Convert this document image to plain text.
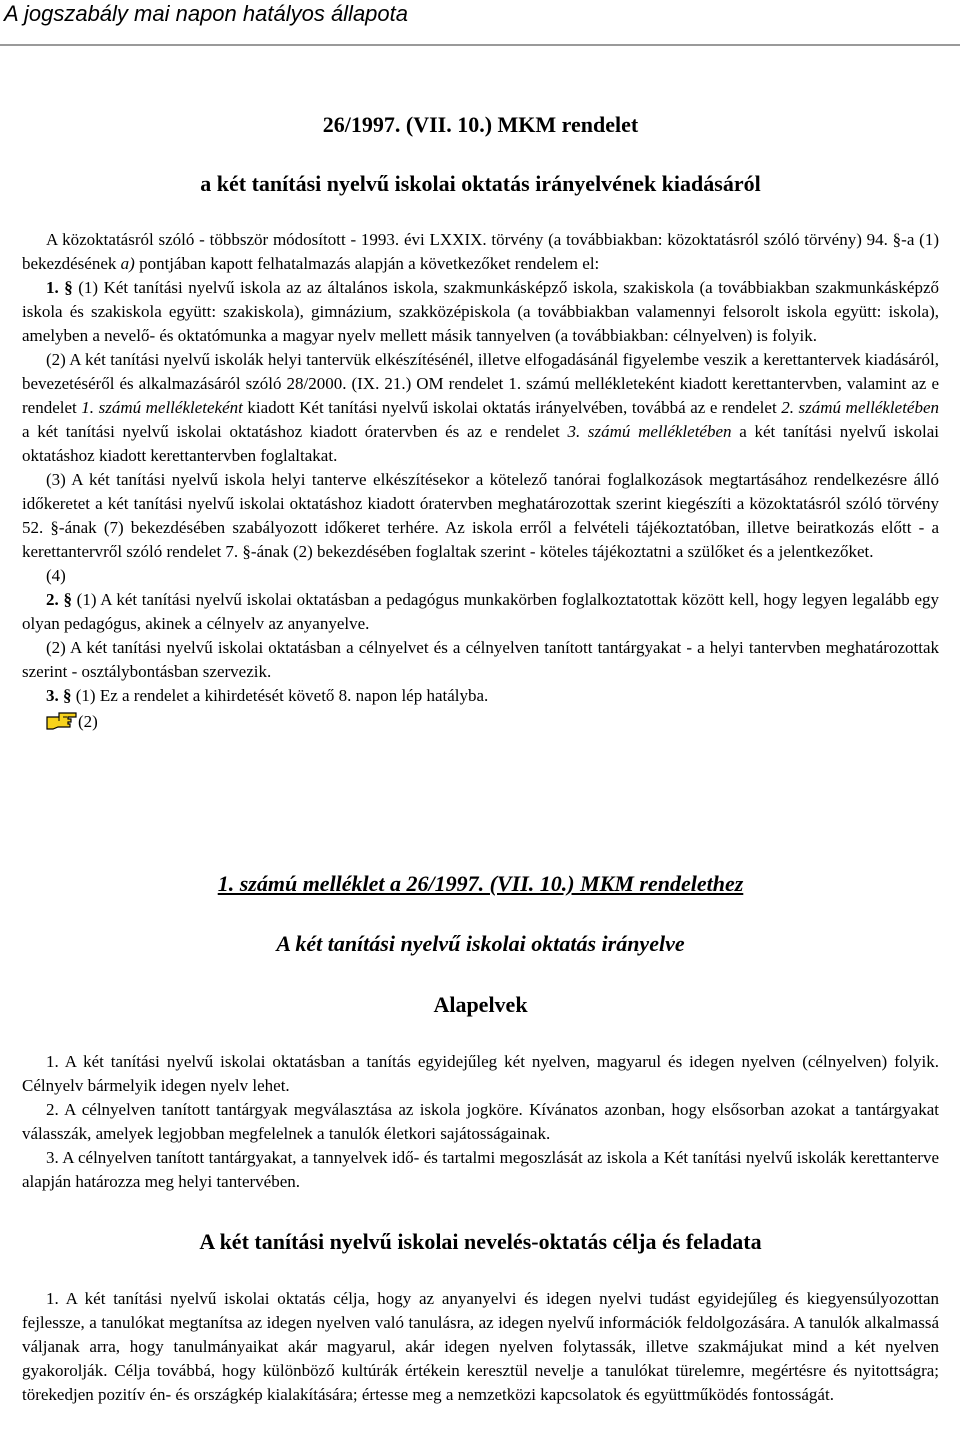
A jogszabály mai napon hatályos állapota

26/1997. (VII. 10.) MKM rendelet

a két tanítási nyelvű iskolai oktatás irányelvének kiadásáról

A közoktatásról szóló - többször módosított - 1993. évi LXXIX. törvény (a továbbiakban: közoktatásról szóló törvény) 94. §-a (1) bekezdésének a) pontjában kapott felhatalmazás alapján a következőket rendelem el:

1. § (1) Két tanítási nyelvű iskola az az általános iskola, szakmunkásképző iskola, szakiskola (a továbbiakban szakmunkásképző iskola és szakiskola együtt: szakiskola), gimnázium, szakközépiskola (a továbbiakban valamennyi felsorolt iskola együtt: iskola), amelyben a nevelő- és oktatómunka a magyar nyelv mellett másik tannyelven (a továbbiakban: célnyelven) is folyik.

(2) A két tanítási nyelvű iskolák helyi tantervük elkészítésénél, illetve elfogadásánál figyelembe veszik a kerettantervek kiadásáról, bevezetéséről és alkalmazásáról szóló 28/2000. (IX. 21.) OM rendelet 1. számú mellékleteként kiadott kerettantervben, valamint az e rendelet 1. számú mellékleteként kiadott Két tanítási nyelvű iskolai oktatás irányelvében, továbbá az e rendelet 2. számú mellékletében a két tanítási nyelvű iskolai oktatáshoz kiadott óratervben és az e rendelet 3. számú mellékletében a két tanítási nyelvű iskolai oktatáshoz kiadott kerettantervben foglaltakat.

(3) A két tanítási nyelvű iskola helyi tanterve elkészítésekor a kötelező tanórai foglalkozások megtartásához rendelkezésre álló időkeretet a két tanítási nyelvű iskolai oktatáshoz kiadott óratervben meghatározottak szerint kiegészíti a közoktatásról szóló törvény 52. §-ának (7) bekezdésében szabályozott időkeret terhére. Az iskola erről a felvételi tájékoztatóban, illetve beiratkozás előtt - a kerettantervről szóló rendelet 7. §-ának (2) bekezdésében foglaltak szerint - köteles tájékoztatni a szülőket és a jelentkezőket.

(4)

2. § (1) A két tanítási nyelvű iskolai oktatásban a pedagógus munkakörben foglalkoztatottak között kell, hogy legyen legalább egy olyan pedagógus, akinek a célnyelv az anyanyelve.

(2) A két tanítási nyelvű iskolai oktatásban a célnyelvet és a célnyelven tanított tantárgyakat - a helyi tantervben meghatározottak szerint - osztálybontásban szervezik.

3. § (1) Ez a rendelet a kihirdetését követő 8. napon lép hatályba.

(2)

1. számú melléklet a 26/1997. (VII. 10.) MKM rendelethez

A két tanítási nyelvű iskolai oktatás irányelve

Alapelvek

1. A két tanítási nyelvű iskolai oktatásban a tanítás egyidejűleg két nyelven, magyarul és idegen nyelven (célnyelven) folyik. Célnyelv bármelyik idegen nyelv lehet.

2. A célnyelven tanított tantárgyak megválasztása az iskola jogköre. Kívánatos azonban, hogy elsősorban azokat a tantárgyakat válasszák, amelyek legjobban megfelelnek a tanulók életkori sajátosságainak.

3. A célnyelven tanított tantárgyakat, a tannyelvek idő- és tartalmi megoszlását az iskola a Két tanítási nyelvű iskolák kerettanterve alapján határozza meg helyi tantervében.

A két tanítási nyelvű iskolai nevelés-oktatás célja és feladata

1. A két tanítási nyelvű iskolai oktatás célja, hogy az anyanyelvi és idegen nyelvi tudást egyidejűleg és kiegyensúlyozottan fejlessze, a tanulókat megtanítsa az idegen nyelven való tanulásra, az idegen nyelvű információk feldolgozására. A tanulók alkalmassá váljanak arra, hogy tanulmányaikat akár magyarul, akár idegen nyelven folytassák, illetve szakmájukat mind a két nyelven gyakorolják. Célja továbbá, hogy különböző kultúrák értékein keresztül nevelje a tanulókat türelemre, megértésre és nyitottságra; törekedjen pozitív én- és országkép kialakítására; értesse meg a nemzetközi kapcsolatok és együttműködés fontosságát.
